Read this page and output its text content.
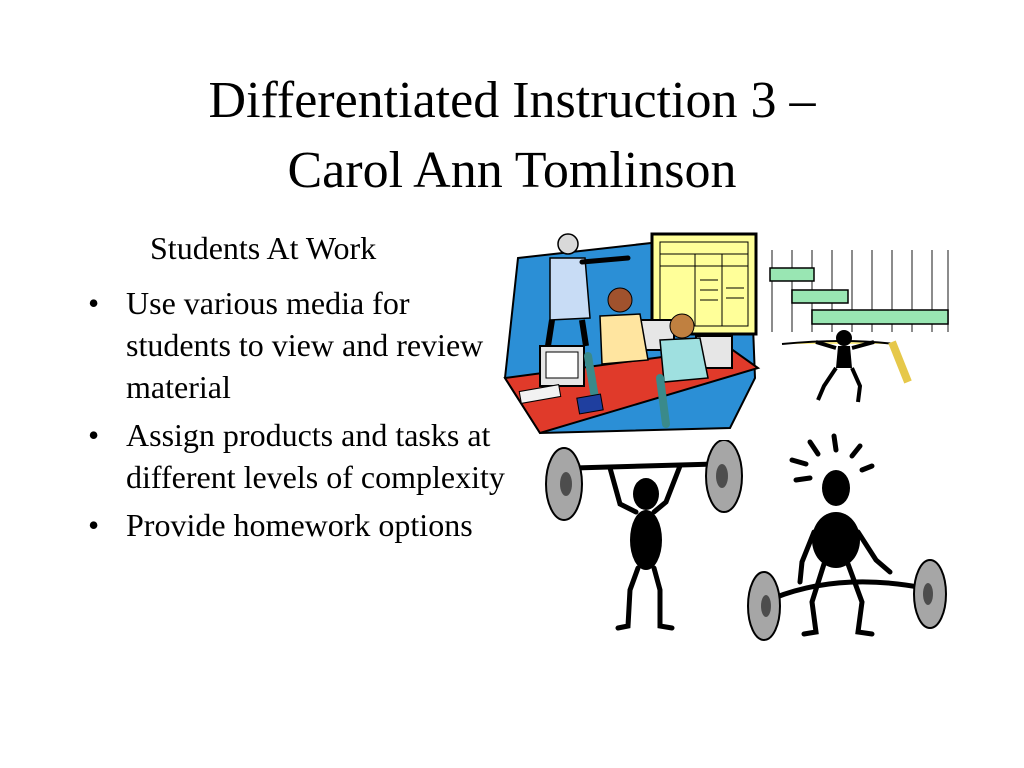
Differentiated Instruction 3 –
Carol Ann Tomlinson
Students At Work
• Use various media for students to view and review material
• Assign products and tasks at different levels of complexity
• Provide homework options
